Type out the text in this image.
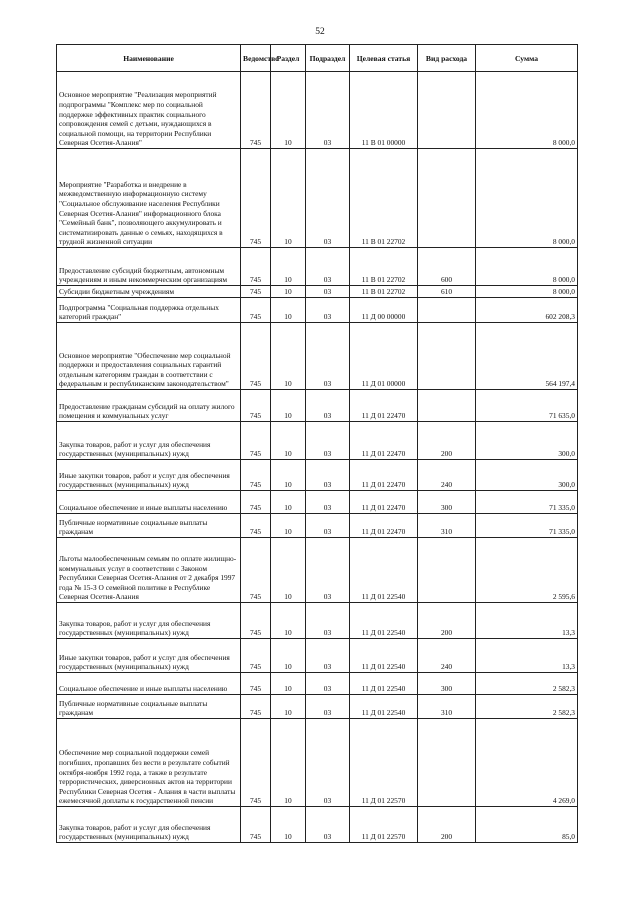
52
Наименование	Ведомство	Раздел	Подраздел	Целевая статья	Вид расхода	Сумма
Основное мероприятие "Реализация мероприятий подпрограммы "Комплекс мер по социальной поддержке эффективных практик социального сопровождения семей с детьми, нуждающихся в социальной помощи, на территории Республики Северная Осетия-Алания"	745	10	03	11 В 01 00000		8 000,0
Мероприятие "Разработка и внедрение в межведомственную информационную систему "Социальное обслуживание населения Республики Северная Осетия-Алания" информационного блока "Семейный банк", позволяющего аккумулировать и систематизировать данные о семьях, находящихся в трудной жизненной ситуации	745	10	03	11 В 01 22702		8 000,0
Предоставление субсидий бюджетным, автономным учреждениям и иным некоммерческим организациям	745	10	03	11 В 01 22702	600	8 000,0
Субсидии бюджетным учреждениям	745	10	03	11 В 01 22702	610	8 000,0
Подпрограмма "Социальная поддержка отдельных категорий граждан"	745	10	03	11 Д 00 00000		602 208,3
Основное мероприятие "Обеспечение мер социальной поддержки и предоставления социальных гарантий отдельным категориям граждан в соответствии с федеральным и республиканским законодательством"	745	10	03	11 Д 01 00000		564 197,4
Предоставление гражданам субсидий на оплату жилого помещения и коммунальных услуг	745	10	03	11 Д 01 22470		71 635,0
Закупка товаров, работ и услуг для обеспечения государственных (муниципальных) нужд	745	10	03	11 Д 01 22470	200	300,0
Иные закупки товаров, работ и услуг для обеспечения государственных (муниципальных) нужд	745	10	03	11 Д 01 22470	240	300,0
Социальное обеспечение и иные выплаты населению	745	10	03	11 Д 01 22470	300	71 335,0
Публичные нормативные социальные выплаты гражданам	745	10	03	11 Д 01 22470	310	71 335,0
Льготы малообеспеченным семьям по оплате жилищно-коммунальных услуг в соответствии с Законом Республики Северная Осетия-Алания от 2 декабря 1997 года № 15-З О семейной политике в Республике Северная Осетия-Алания	745	10	03	11 Д 01 22540		2 595,6
Закупка товаров, работ и услуг для обеспечения государственных (муниципальных) нужд	745	10	03	11 Д 01 22540	200	13,3
Иные закупки товаров, работ и услуг для обеспечения государственных (муниципальных) нужд	745	10	03	11 Д 01 22540	240	13,3
Социальное обеспечение и иные выплаты населению	745	10	03	11 Д 01 22540	300	2 582,3
Публичные нормативные социальные выплаты гражданам	745	10	03	11 Д 01 22540	310	2 582,3
Обеспечение мер социальной поддержки семей погибших, пропавших без вести в результате событий октября-ноября 1992 года, а также в результате террористических, диверсионных актов на территории Республики Северная Осетия - Алания в части выплаты ежемесячной доплаты к государственной пенсии	745	10	03	11 Д 01 22570		4 269,0
Закупка товаров, работ и услуг для обеспечения государственных (муниципальных) нужд	745	10	03	11 Д 01 22570	200	85,0
